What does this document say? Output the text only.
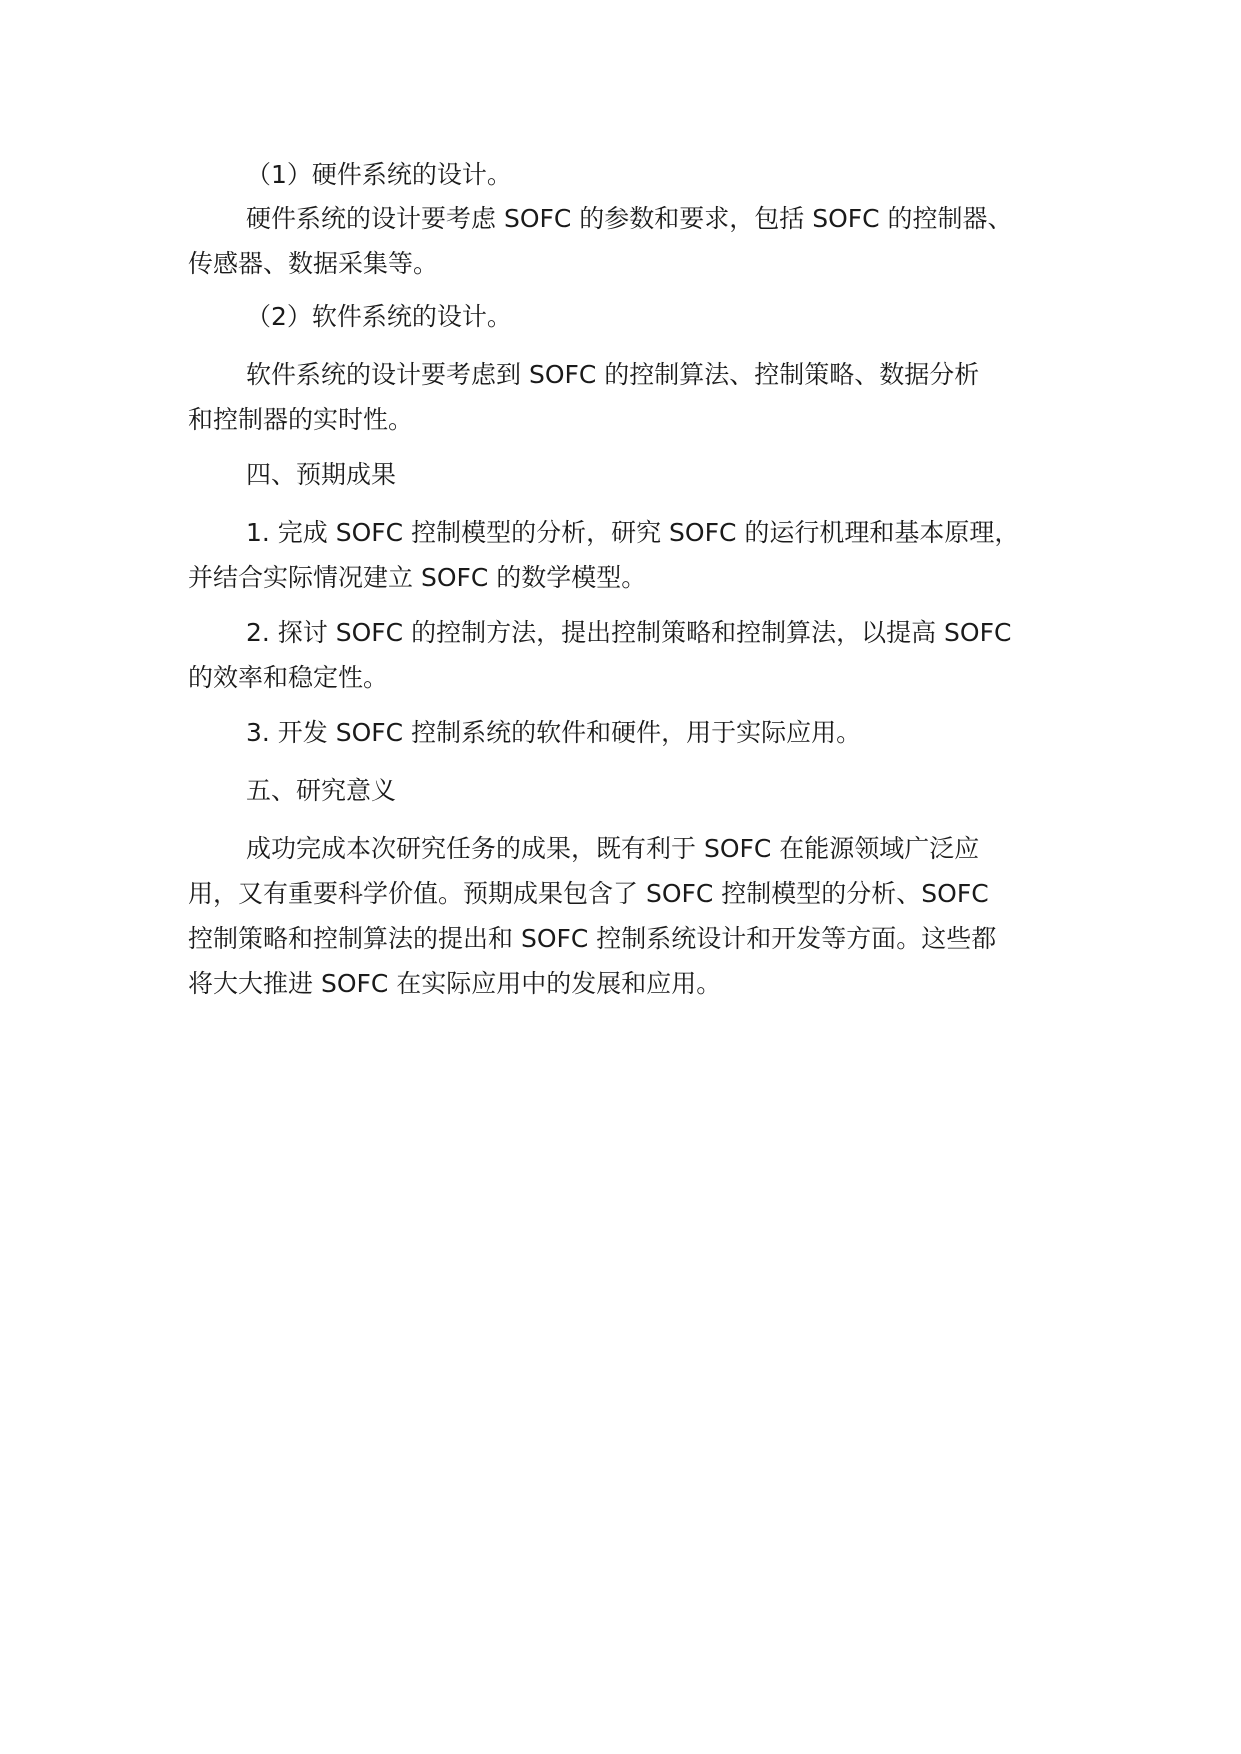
（1）硬件系统的设计。

硬件系统的设计要考虑 SOFC 的参数和要求，包括 SOFC 的控制器、
传感器、数据采集等。

（2）软件系统的设计。

软件系统的设计要考虑到 SOFC 的控制算法、控制策略、数据分析
和控制器的实时性。

四、预期成果

1. 完成 SOFC 控制模型的分析，研究 SOFC 的运行机理和基本原理，
并结合实际情况建立 SOFC 的数学模型。

2. 探讨 SOFC 的控制方法，提出控制策略和控制算法，以提高 SOFC
的效率和稳定性。

3. 开发 SOFC 控制系统的软件和硬件，用于实际应用。

五、研究意义

成功完成本次研究任务的成果，既有利于 SOFC 在能源领域广泛应
用，又有重要科学价值。预期成果包含了 SOFC 控制模型的分析、SOFC
控制策略和控制算法的提出和 SOFC 控制系统设计和开发等方面。这些都
将大大推进 SOFC 在实际应用中的发展和应用。
